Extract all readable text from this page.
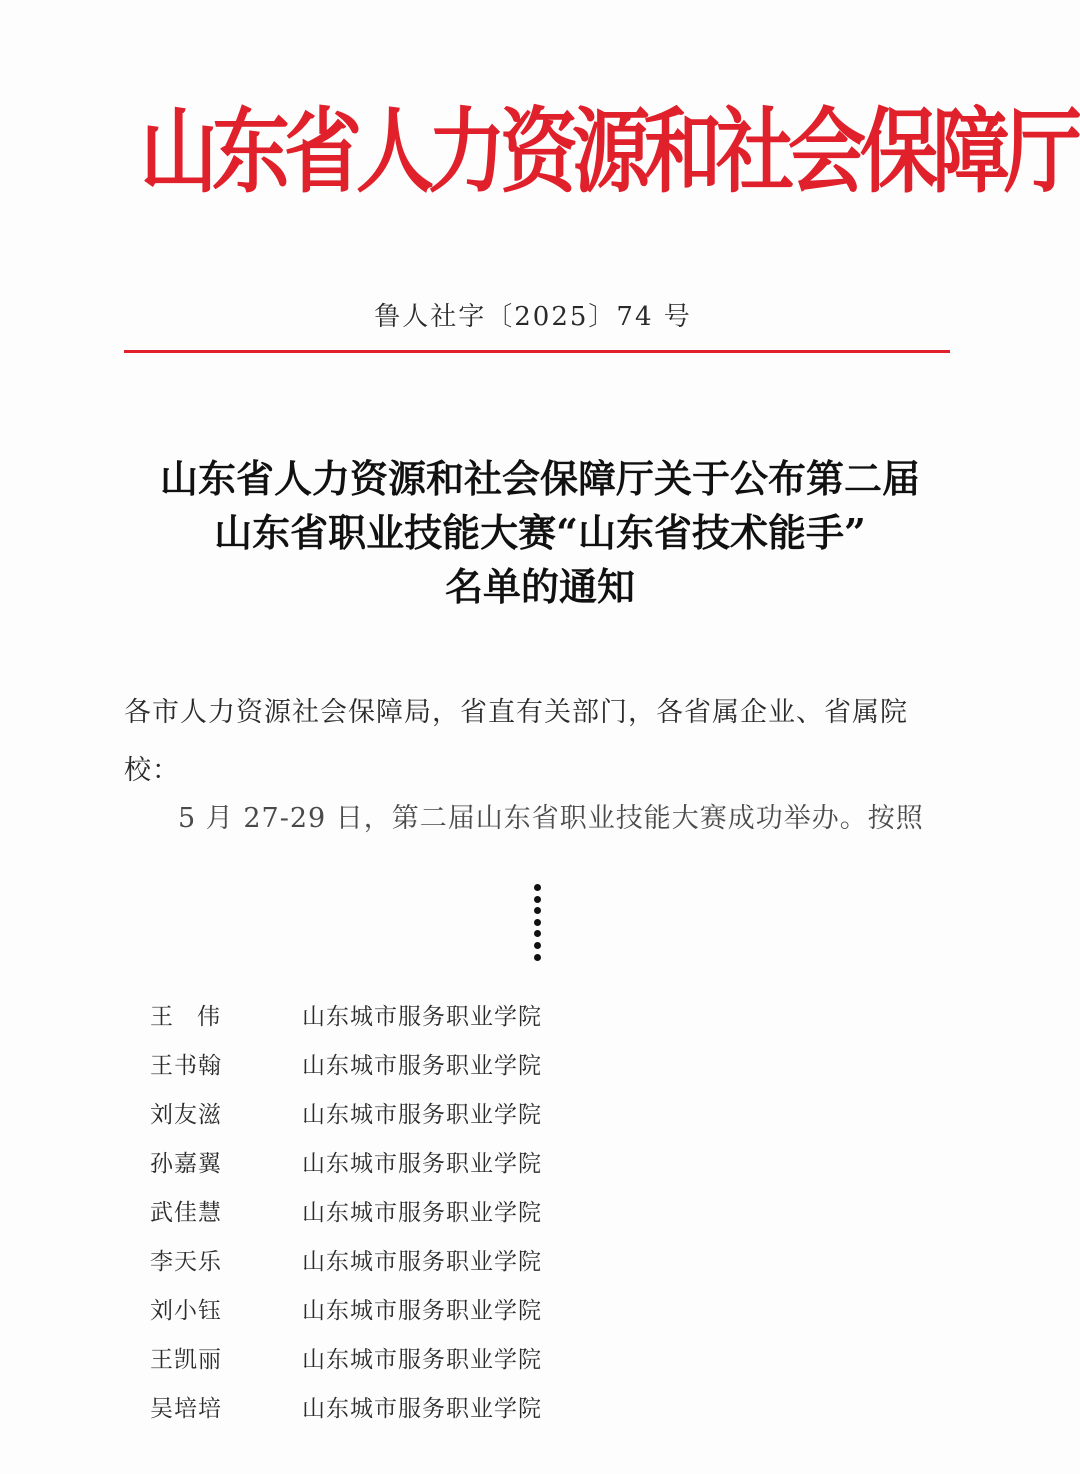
山东省人力资源和社会保障厅
鲁人社字〔2025〕74 号
山东省人力资源和社会保障厅关于公布第二届
山东省职业技能大赛“山东省技术能手”
名单的通知
各市人力资源社会保障局，省直有关部门，各省属企业、省属院
校：
5 月 27-29 日，第二届山东省职业技能大赛成功举办。按照
王伟	山东城市服务职业学院
王书翰	山东城市服务职业学院
刘友滋	山东城市服务职业学院
孙嘉翼	山东城市服务职业学院
武佳慧	山东城市服务职业学院
李天乐	山东城市服务职业学院
刘小钰	山东城市服务职业学院
王凯丽	山东城市服务职业学院
吴培培	山东城市服务职业学院
